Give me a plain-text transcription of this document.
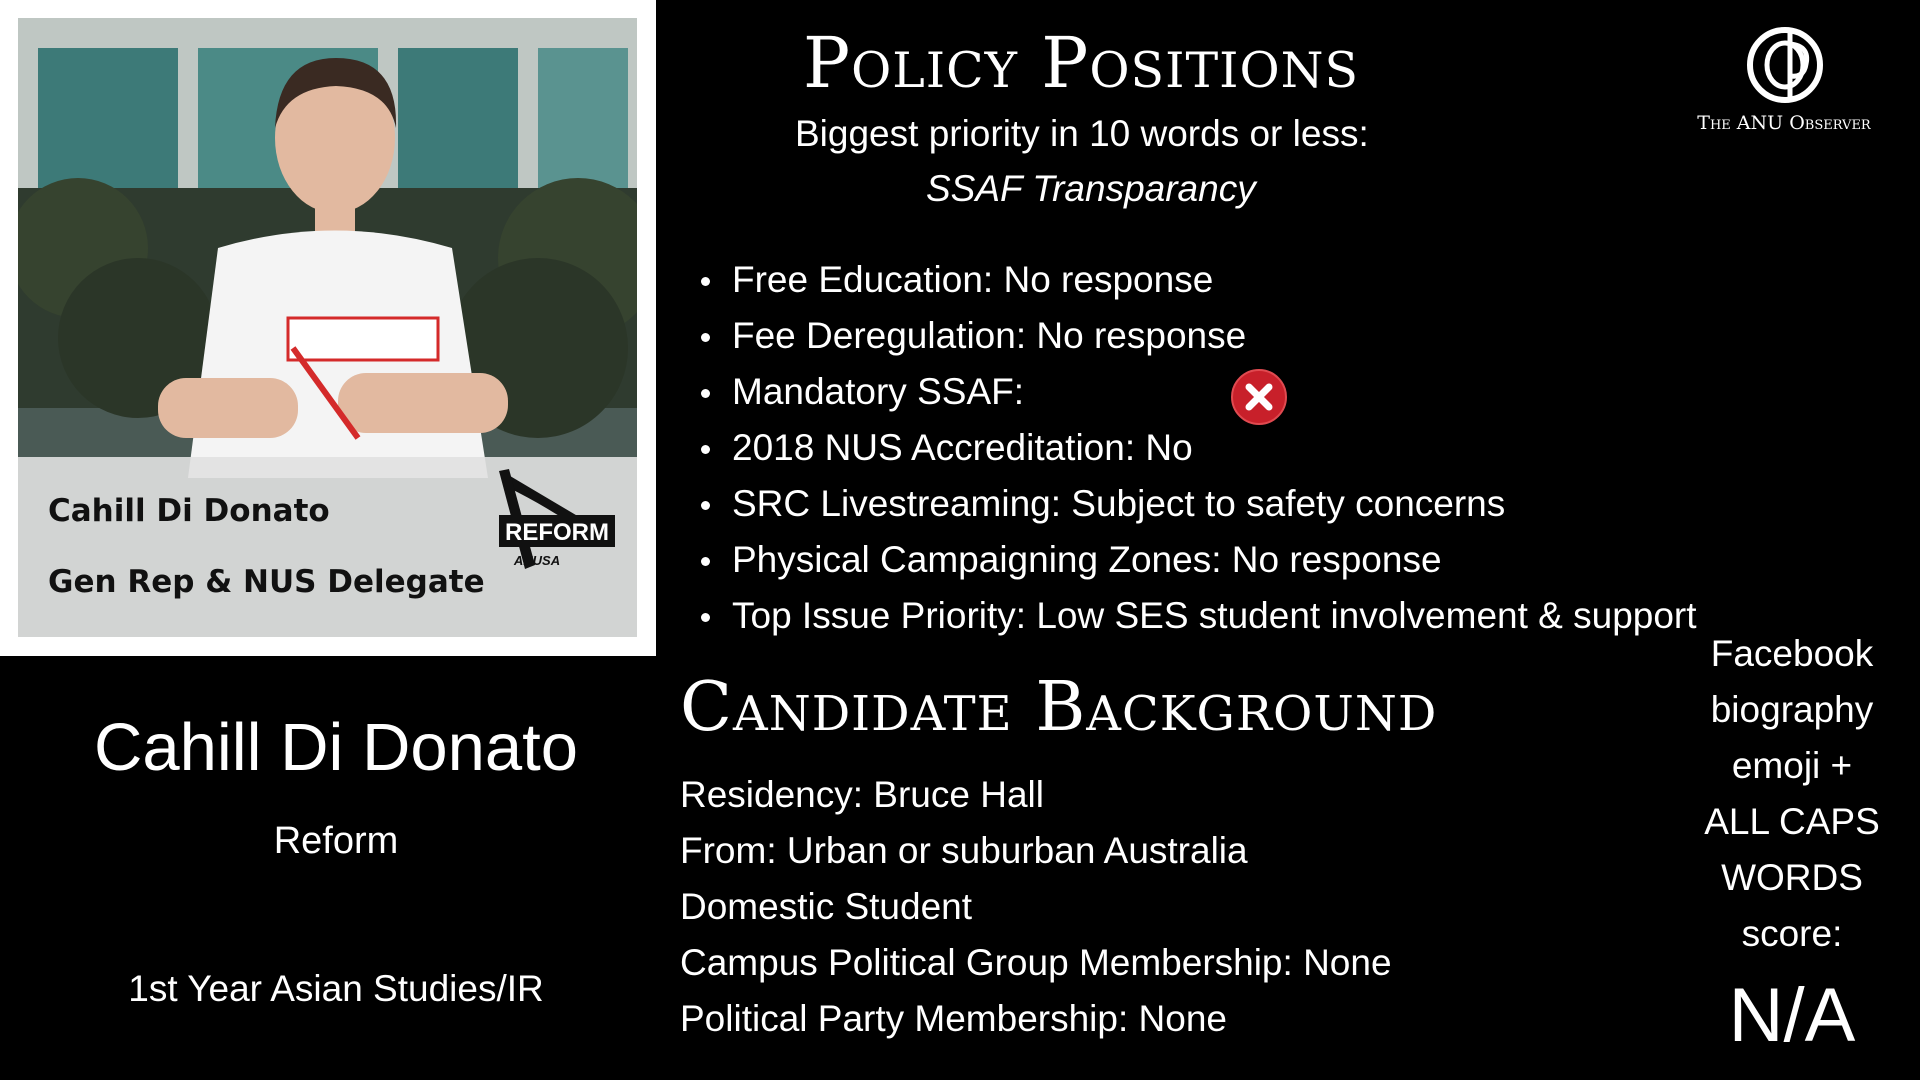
Cahill Di Donato
Gen Rep & NUS Delegate
REFORM
ANUSA
Cahill Di Donato
Reform
1st Year Asian Studies/IR
Policy Positions
Biggest priority in 10 words or less:
SSAF Transparancy
Free Education: No response
Fee Deregulation: No response
Mandatory SSAF:
2018 NUS Accreditation: No
SRC Livestreaming: Subject to safety concerns
Physical Campaigning Zones: No response
Top Issue Priority: Low SES student involvement & support
Candidate Background
Residency: Bruce Hall
From: Urban or suburban Australia
Domestic Student
Campus Political Group Membership: None
Political Party Membership: None
Facebook
biography
emoji +
ALL CAPS
WORDS
score:
N/A
The ANU Observer
